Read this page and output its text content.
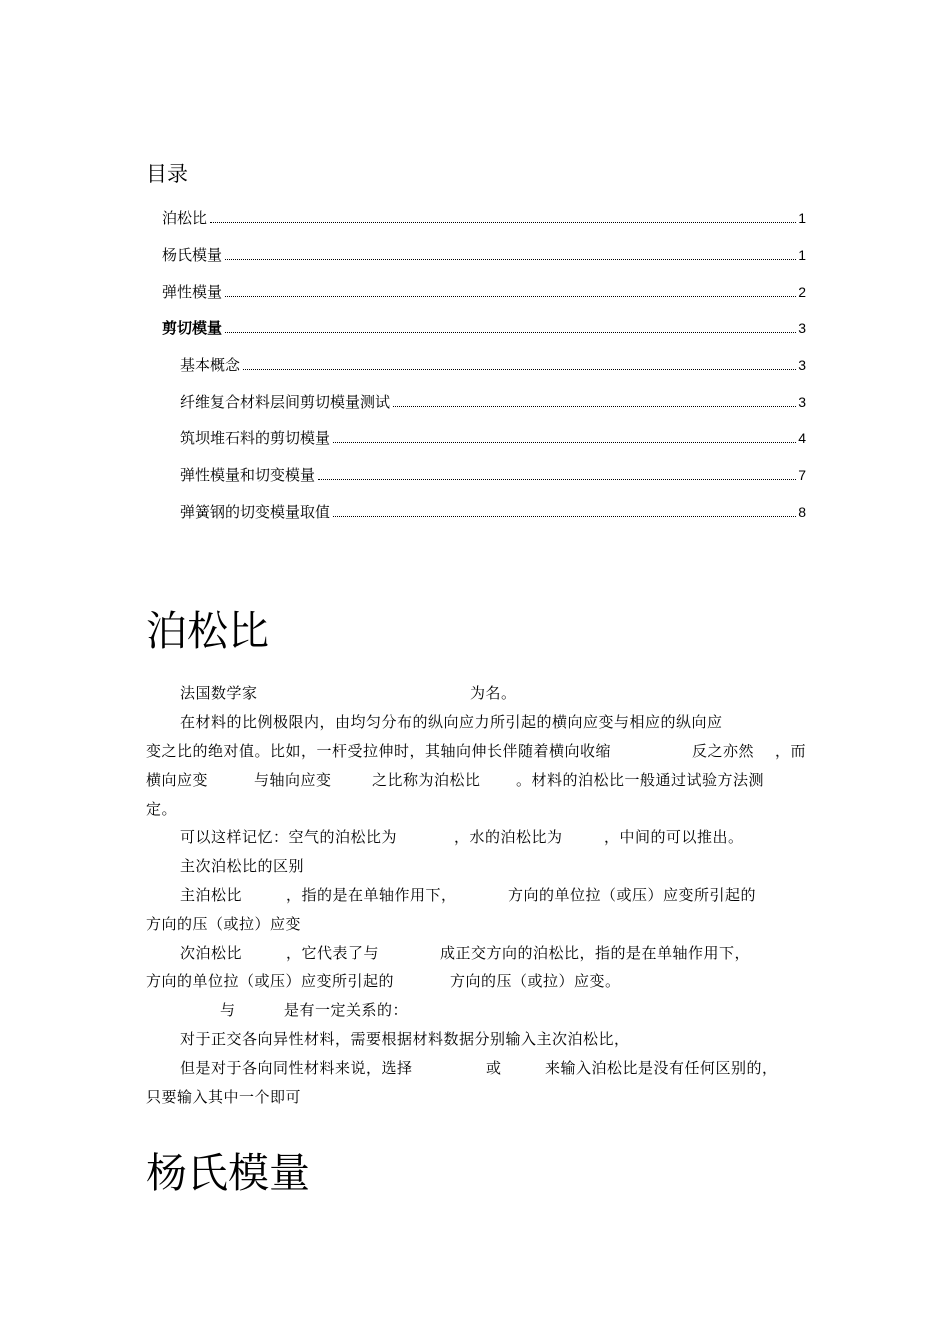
目录
泊松比	1
杨氏模量	1
弹性模量	2
剪切模量	3
基本概念	3
纤维复合材料层间剪切模量测试	3
筑坝堆石料的剪切模量	4
弹性模量和切变模量	7
弹簧钢的切变模量取值	8
泊松比
法国数学家	为名。
在材料的比例极限内，由均匀分布的纵向应力所引起的横向应变与相应的纵向应
变之比的绝对值。比如，一杆受拉伸时，其轴向伸长伴随着横向收缩	反之亦然 ，而
横向应变	与轴向应变	之比称为泊松比 。材料的泊松比一般通过试验方法测
定。
可以这样记忆：空气的泊松比为	，水的泊松比为	，中间的可以推出。
主次泊松比的区别
主泊松比	，指的是在单轴作用下，	方向的单位拉（或压）应变所引起的
方向的压（或拉）应变
次泊松比	，它代表了与	成正交方向的泊松比，指的是在单轴作用下，
方向的单位拉（或压）应变所引起的	方向的压（或拉）应变。
与	是有一定关系的：
对于正交各向异性材料，需要根据材料数据分别输入主次泊松比，
但是对于各向同性材料来说，选择	或	来输入泊松比是没有任何区别的，
只要输入其中一个即可
杨氏模量
